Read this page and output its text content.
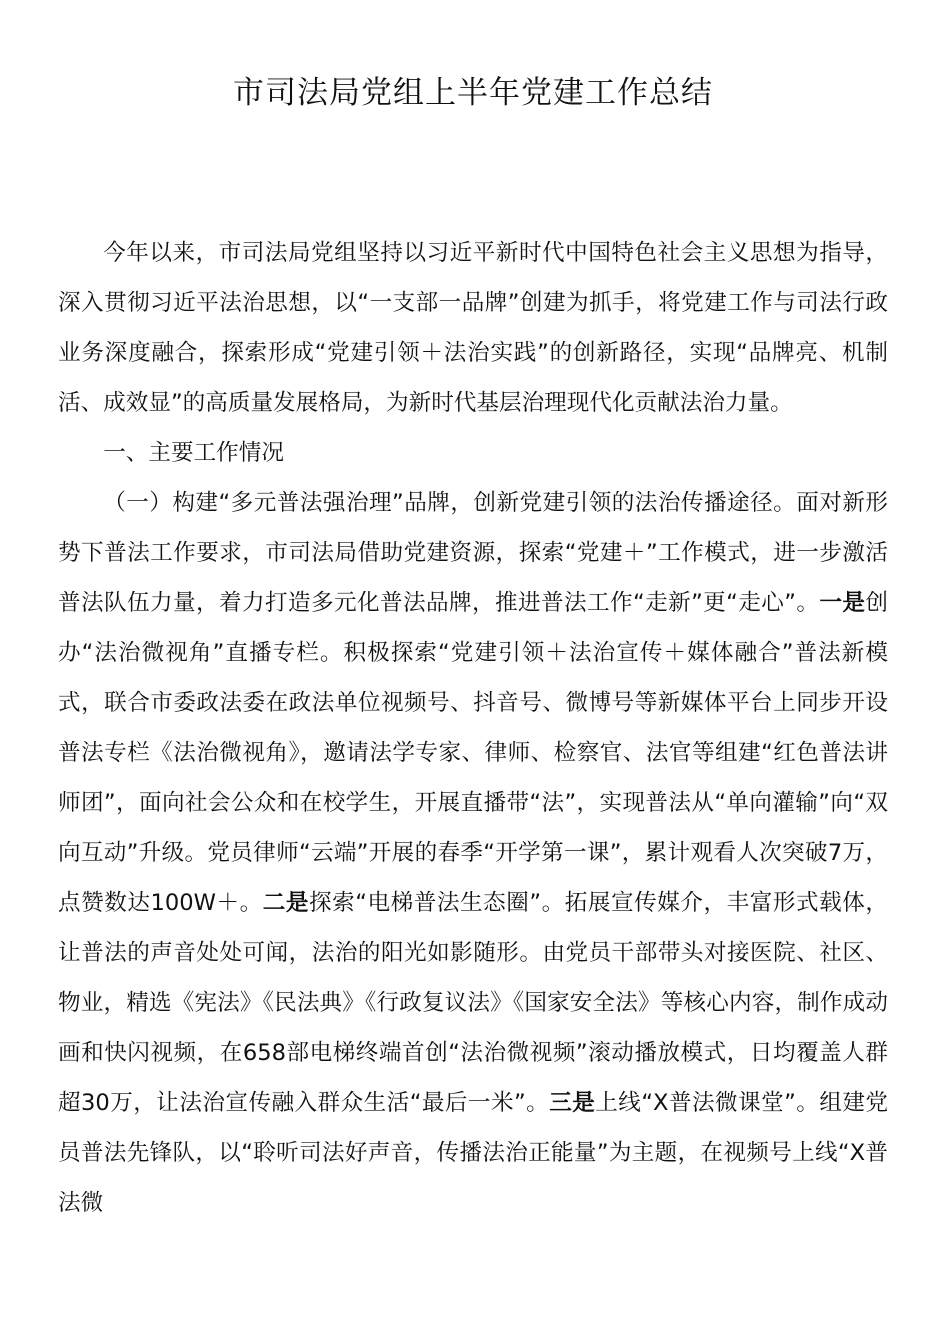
市司法局党组上半年党建工作总结

今年以来，市司法局党组坚持以习近平新时代中国特色社会主义思想为指导，深入贯彻习近平法治思想，以“一支部一品牌”创建为抓手，将党建工作与司法行政业务深度融合，探索形成“党建引领＋法治实践”的创新路径，实现“品牌亮、机制活、成效显”的高质量发展格局，为新时代基层治理现代化贡献法治力量。

一、主要工作情况

（一）构建“多元普法强治理”品牌，创新党建引领的法治传播途径。面对新形势下普法工作要求，市司法局借助党建资源，探索“党建＋”工作模式，进一步激活普法队伍力量，着力打造多元化普法品牌，推进普法工作“走新”更“走心”。一是创办“法治微视角”直播专栏。积极探索“党建引领＋法治宣传＋媒体融合”普法新模式，联合市委政法委在政法单位视频号、抖音号、微博号等新媒体平台上同步开设普法专栏《法治微视角》，邀请法学专家、律师、检察官、法官等组建“红色普法讲师团”，面向社会公众和在校学生，开展直播带“法”，实现普法从“单向灌输”向“双向互动”升级。党员律师“云端”开展的春季“开学第一课”，累计观看人次突破7万，点赞数达100W＋。二是探索“电梯普法生态圈”。拓展宣传媒介，丰富形式载体，让普法的声音处处可闻，法治的阳光如影随形。由党员干部带头对接医院、社区、物业，精选《宪法》《民法典》《行政复议法》《国家安全法》等核心内容，制作成动画和快闪视频，在658部电梯终端首创“法治微视频”滚动播放模式，日均覆盖人群超30万，让法治宣传融入群众生活“最后一米”。三是上线“X普法微课堂”。组建党员普法先锋队，以“聆听司法好声音，传播法治正能量”为主题，在视频号上线“X普法微
